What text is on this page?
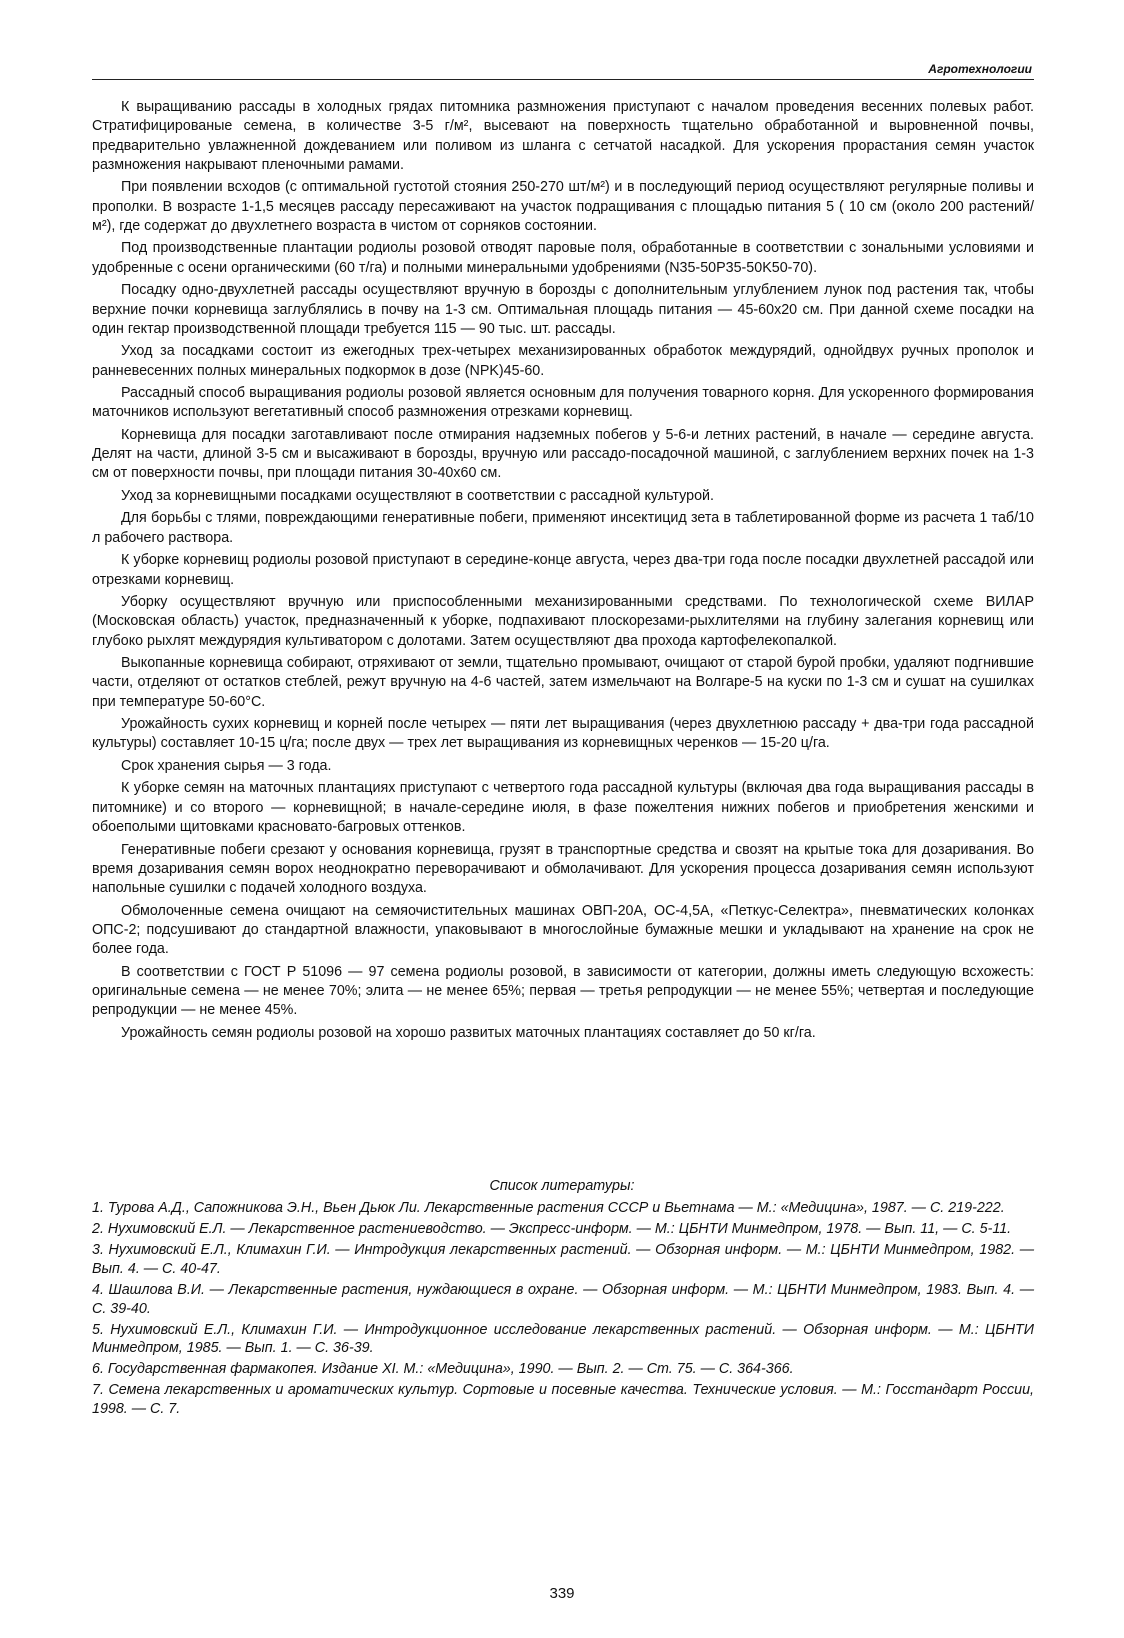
Агротехнологии

К выращиванию рассады в холодных грядах питомника размножения приступают с началом проведения весенних полевых работ. Стратифицированые семена, в количестве 3-5 г/м², высевают на поверхность тщательно обработанной и выровненной почвы, предварительно увлажненной дождеванием или поливом из шланга с сетчатой насадкой. Для ускорения прорастания семян участок размножения накрывают пленочными рамами.

При появлении всходов (с оптимальной густотой стояния 250-270 шт/м²) и в последующий период осуществляют регулярные поливы и прополки. В возрасте 1-1,5 месяцев рассаду пересаживают на участок подращивания с площадью питания 5 ( 10 см (около 200 растений/м²), где содержат до двухлетнего возраста в чистом от сорняков состоянии.

Под производственные плантации родиолы розовой отводят паровые поля, обработанные в соответствии с зональными условиями и удобренные с осени органическими (60 т/га) и полными минеральными удобрениями (N35-50P35-50K50-70).

Посадку одно-двухлетней рассады осуществляют вручную в борозды с дополнительным углублением лунок под растения так, чтобы верхние почки корневища заглублялись в почву на 1-3 см. Оптимальная площадь питания — 45-60х20 см. При данной схеме посадки на один гектар производственной площади требуется 115 — 90 тыс. шт. рассады.

Уход за посадками состоит из ежегодных трех-четырех механизированных обработок междурядий, однойдвух ручных прополок и ранневесенних полных минеральных подкормок в дозе (NPK)45-60.

Рассадный способ выращивания родиолы розовой является основным для получения товарного корня. Для ускоренного формирования маточников используют вегетативный способ размножения отрезками корневищ.

Корневища для посадки заготавливают после отмирания надземных побегов у 5-6-и летних растений, в начале — середине августа. Делят на части, длиной 3-5 см и высаживают в борозды, вручную или рассадо-посадочной машиной, с заглублением верхних почек на 1-3 см от поверхности почвы, при площади питания 30-40х60 см.

Уход за корневищными посадками осуществляют в соответствии с рассадной культурой.

Для борьбы с тлями, повреждающими генеративные побеги, применяют инсектицид зета в таблетированной форме из расчета 1 таб/10 л рабочего раствора.

К уборке корневищ родиолы розовой приступают в середине-конце августа, через два-три года после посадки двухлетней рассадой или отрезками корневищ.

Уборку осуществляют вручную или приспособленными механизированными средствами. По технологической схеме ВИЛАР (Московская область) участок, предназначенный к уборке, подпахивают плоскорезами-рыхлителями на глубину залегания корневищ или глубоко рыхлят междурядия культиватором с долотами. Затем осуществляют два прохода картофелекопалкой.

Выкопанные корневища собирают, отряхивают от земли, тщательно промывают, очищают от старой бурой пробки, удаляют подгнившие части, отделяют от остатков стеблей, режут вручную на 4-6 частей, затем измельчают на Волгаре-5 на куски по 1-3 см и сушат на сушилках при температуре 50-60°С.

Урожайность сухих корневищ и корней после четырех — пяти лет выращивания (через двухлетнюю рассаду + два-три года рассадной культуры) составляет 10-15 ц/га; после двух — трех лет выращивания из корневищных черенков — 15-20 ц/га.

Срок хранения сырья — 3 года.

К уборке семян на маточных плантациях приступают с четвертого года рассадной культуры (включая два года выращивания рассады в питомнике) и со второго — корневищной; в начале-середине июля, в фазе пожелтения нижних побегов и приобретения женскими и обоеполыми щитовками красновато-багровых оттенков.

Генеративные побеги срезают у основания корневища, грузят в транспортные средства и свозят на крытые тока для дозаривания. Во время дозаривания семян ворох неоднократно переворачивают и обмолачивают. Для ускорения процесса дозаривания семян используют напольные сушилки с подачей холодного воздуха.

Обмолоченные семена очищают на семяочистительных машинах ОВП-20А, ОС-4,5А, «Петкус-Селектра», пневматических колонках ОПС-2; подсушивают до стандартной влажности, упаковывают в многослойные бумажные мешки и укладывают на хранение на срок не более года.

В соответствии с ГОСТ Р 51096 — 97 семена родиолы розовой, в зависимости от категории, должны иметь следующую всхожесть: оригинальные семена — не менее 70%; элита — не менее 65%; первая — третья репродукции — не менее 55%; четвертая и последующие репродукции — не менее 45%.

Урожайность семян родиолы розовой на хорошо развитых маточных плантациях составляет до 50 кг/га.

Список литературы:

1. Турова А.Д., Сапожникова Э.Н., Вьен Дьюк Ли. Лекарственные растения СССР и Вьетнама — М.: «Медицина», 1987. — С. 219-222.

2. Нухимовский Е.Л. — Лекарственное растениеводство. — Экспресс-информ. — М.: ЦБНТИ Минмедпром, 1978. — Вып. 11, — С. 5-11.

3. Нухимовский Е.Л., Климахин Г.И. — Интродукция лекарственных растений. — Обзорная информ. — М.: ЦБНТИ Минмедпром, 1982. — Вып. 4. — С. 40-47.

4. Шашлова В.И. — Лекарственные растения, нуждающиеся в охране. — Обзорная информ. — М.: ЦБНТИ Минмедпром, 1983. Вып. 4. — С. 39-40.

5. Нухимовский Е.Л., Климахин Г.И. — Интродукционное исследование лекарственных растений. — Обзорная информ. — М.: ЦБНТИ Минмедпром, 1985. — Вып. 1. — С. 36-39.

6. Государственная фармакопея. Издание XI. М.: «Медицина», 1990. — Вып. 2. — Ст. 75. — С. 364-366.

7. Семена лекарственных и ароматических культур. Сортовые и посевные качества. Технические условия. — М.: Госстандарт России, 1998. — С. 7.

339
